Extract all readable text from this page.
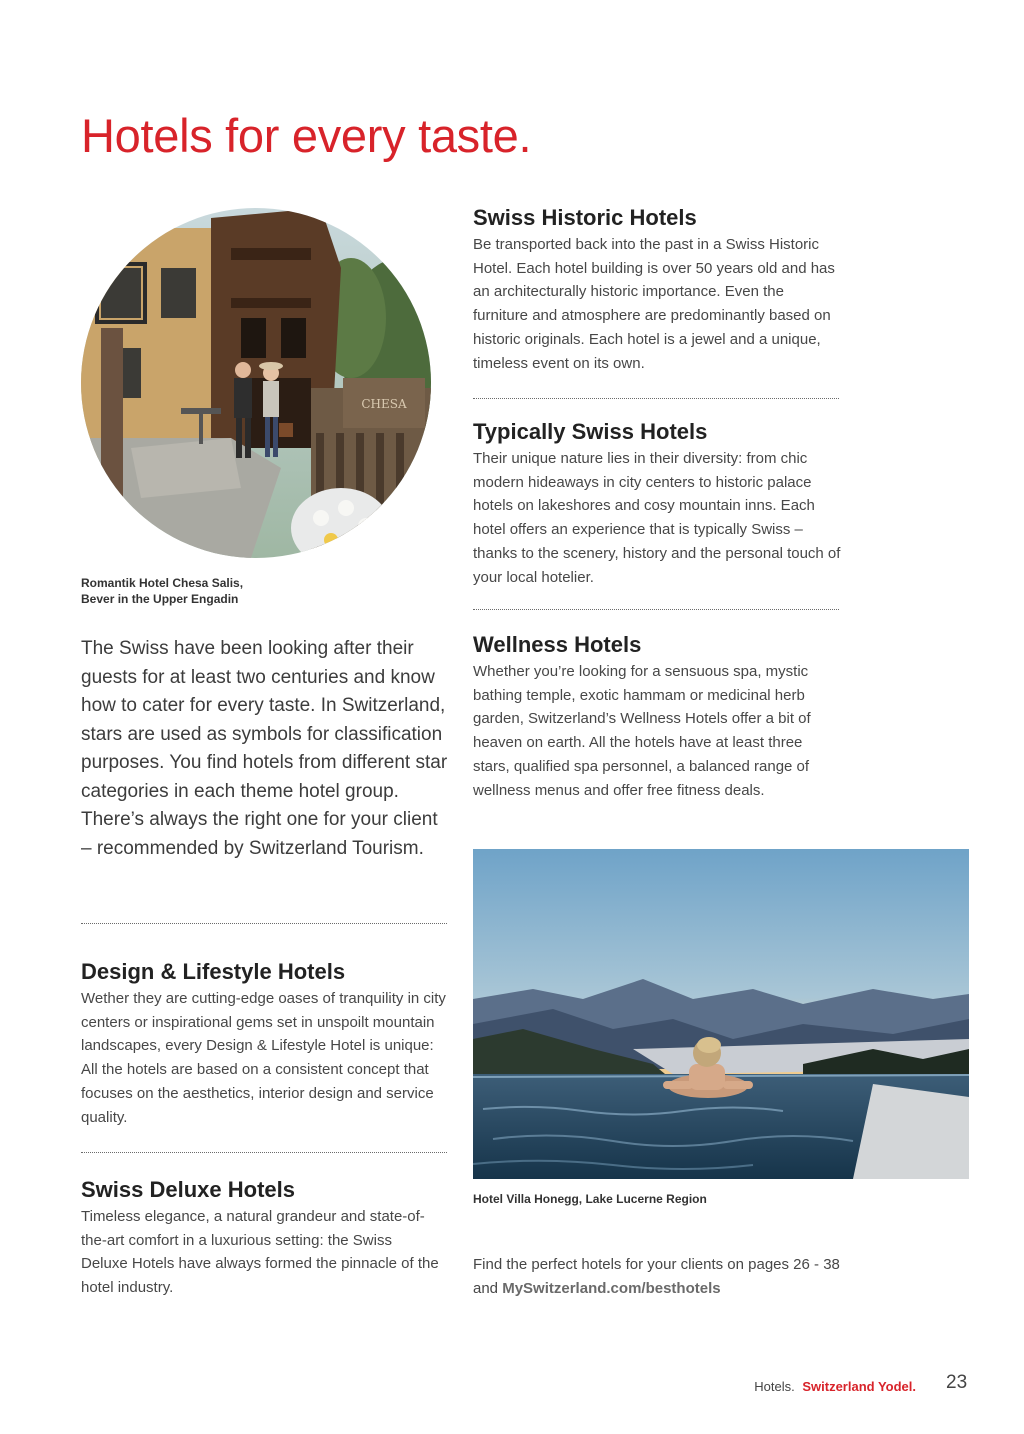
Hotels for every taste.
CHESA
Romantik Hotel Chesa Salis,
Bever in the Upper Engadin
The Swiss have been looking after their guests for at least two centuries and know how to cater for every taste. In Switzerland, stars are used as symbols for classification purposes. You find hotels from different star categories in each theme hotel group. There’s always the right one for your client – recommended by Switzerland Tourism.
Swiss Historic Hotels
Be transported back into the past in a Swiss Historic Hotel. Each hotel building is over 50 years old and has an architecturally historic importance. Even the furniture and atmosphere are predominantly based on historic originals. Each hotel is a jewel and a unique, timeless event on its own.
Typically Swiss Hotels
Their unique nature lies in their diversity: from chic modern hideaways in city centers to historic palace hotels on lakeshores and cosy mountain inns. Each hotel offers an experience that is typically Swiss – thanks to the scenery, history and the personal touch of your local hotelier.
Wellness Hotels
Whether you’re looking for a sensuous spa, mystic bathing temple, exotic hammam or medicinal herb garden, Switzerland’s Wellness Hotels offer a bit of heaven on earth. All the hotels have at least three stars, qualified spa personnel, a balanced range of wellness menus and offer free fitness deals.
Design & Lifestyle Hotels
Wether they are cutting-edge oases of tranquility in city centers or inspirational gems set in unspoilt mountain landscapes, every Design & Lifestyle Hotel is unique: All the hotels are based on a consistent concept that focuses on the aesthetics, interior design and service quality.
Swiss Deluxe Hotels
Timeless elegance, a natural grandeur and state-of-the-art comfort in a luxurious setting: the Swiss Deluxe Hotels have always formed the pinnacle of the hotel industry.
Hotel Villa Honegg, Lake Lucerne Region
Find the perfect hotels for your clients on pages 26 - 38
and MySwitzerland.com/besthotels
Hotels. Switzerland Yodel. 23
